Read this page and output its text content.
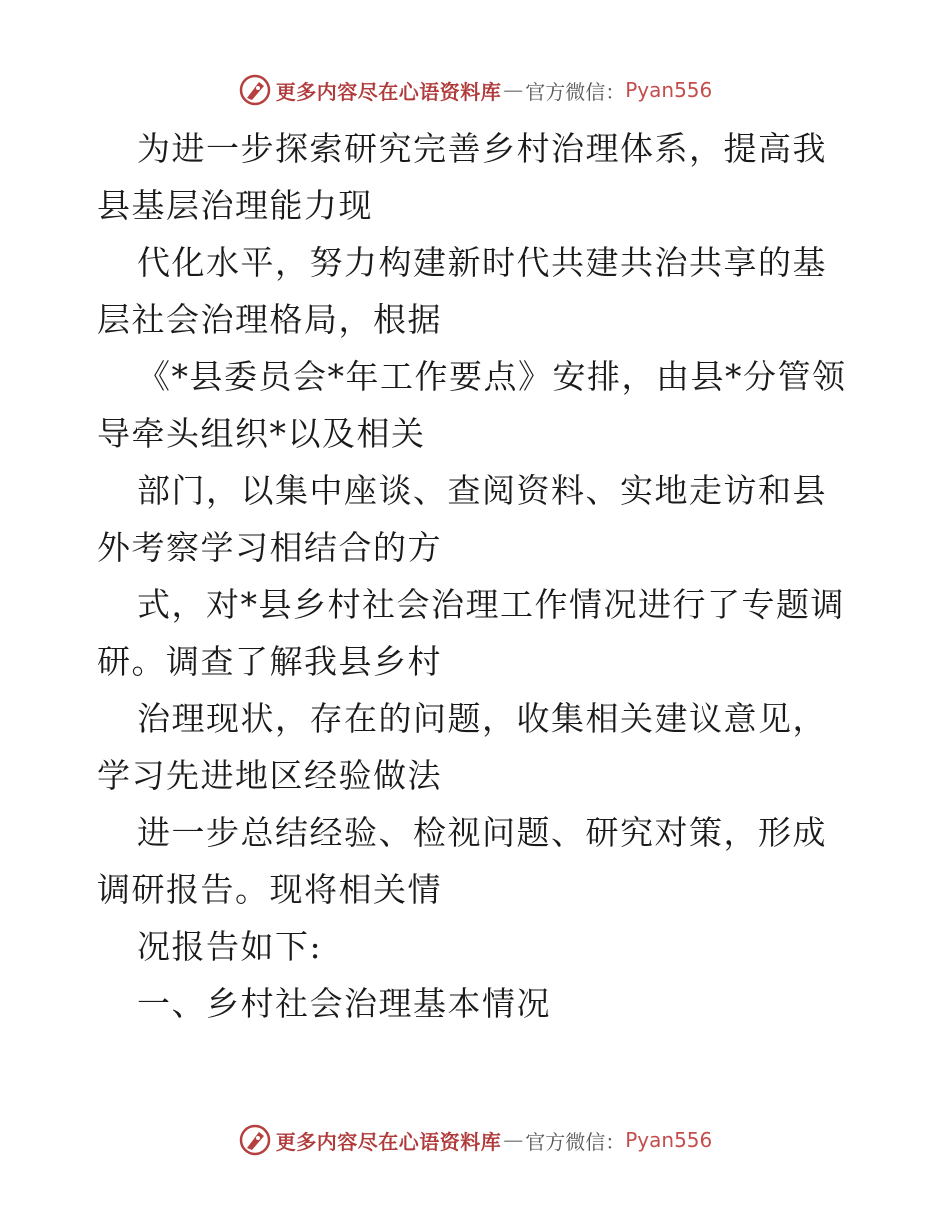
更多内容尽在心语资料库 — 官方微信： Pyan556

为进一步探索研究完善乡村治理体系，提高我县基层治理能力现

代化水平，努力构建新时代共建共治共享的基层社会治理格局，根据

《*县委员会*年工作要点》安排，由县*分管领导牵头组织*以及相关

部门，以集中座谈、查阅资料、实地走访和县外考察学习相结合的方

式，对*县乡村社会治理工作情况进行了专题调研。调查了解我县乡村

治理现状，存在的问题，收集相关建议意见，学习先进地区经验做法

进一步总结经验、检视问题、研究对策，形成调研报告。现将相关情

况报告如下:

一、乡村社会治理基本情况

更多内容尽在心语资料库 — 官方微信： Pyan556
